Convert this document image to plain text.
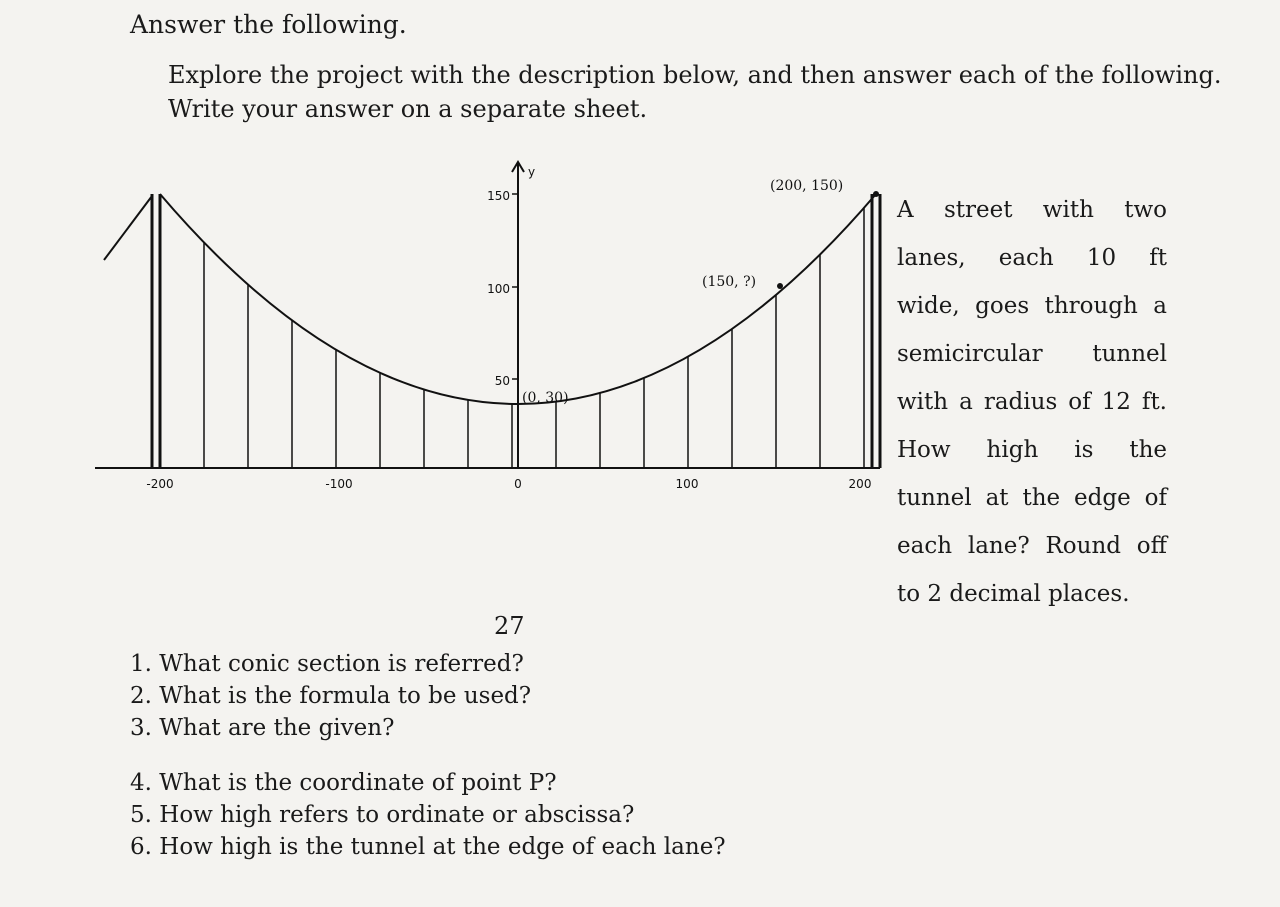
Answer the following.
Explore the project with the description below, and then answer each of the following. Write your answer on a separate sheet.
y
150
100
50
-200	-100	0	100	200
(200, 150)
(150, ?)
(0, 30)

A street with two

lanes, each 10 ft

wide, goes through a

semicircular tunnel

with a radius of 12 ft.

How high is the

tunnel at the edge of

each lane? Round off

to 2 decimal places.

27
1. What conic section is referred?
2. What is the formula to be used?
3. What are the given?
4. What is the coordinate of point P?
5. How high refers to ordinate or abscissa?
6. How high is the tunnel at the edge of each lane?
